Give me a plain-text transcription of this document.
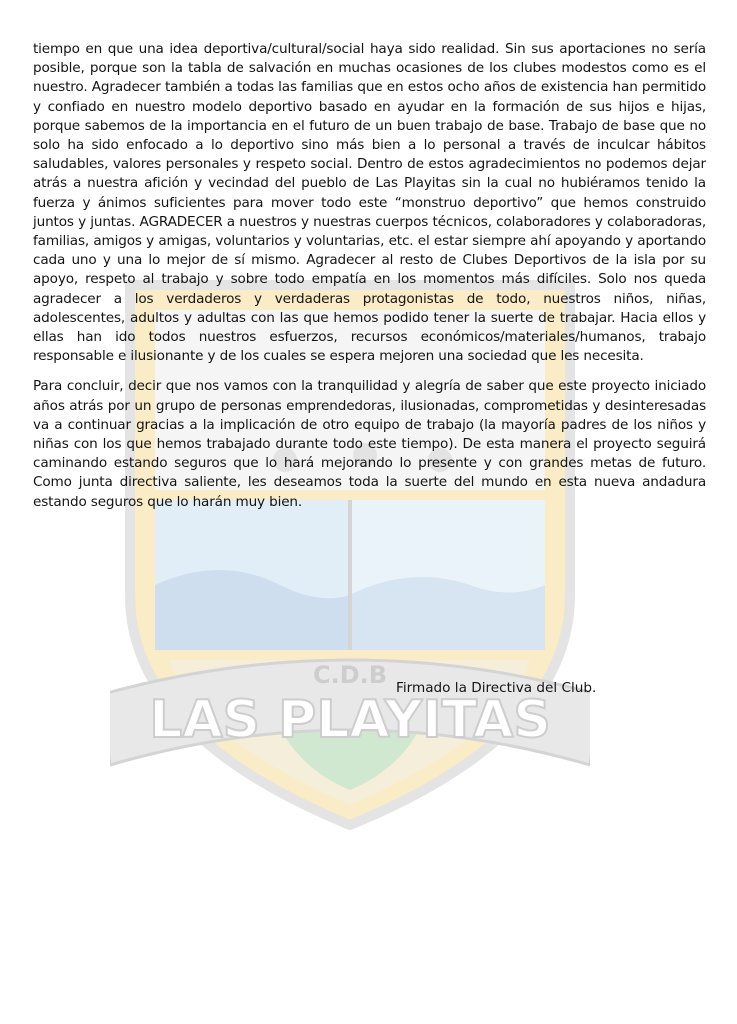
C.D.B
LAS PLAYITAS

tiempo en que una idea deportiva/cultural/social haya sido realidad. Sin sus aportaciones no sería posible, porque son la tabla de salvación en muchas ocasiones de los clubes modestos como es el nuestro. Agradecer también a todas las familias que en estos ocho años de existencia han permitido y confiado en nuestro modelo deportivo basado en ayudar en la formación de sus hijos e hijas, porque sabemos de la importancia en el futuro de un buen trabajo de base. Trabajo de base que no solo ha sido enfocado a lo deportivo sino más bien a lo personal a través de inculcar hábitos saludables, valores personales y respeto social. Dentro de estos agradecimientos no podemos dejar atrás a nuestra afición y vecindad del pueblo de Las Playitas sin la cual no hubiéramos tenido la fuerza y ánimos suficientes para mover todo este “monstruo deportivo” que hemos construido juntos y juntas. AGRADECER a nuestros y nuestras cuerpos técnicos, colaboradores y colaboradoras, familias, amigos y amigas, voluntarios y voluntarias, etc. el estar siempre ahí apoyando y aportando cada uno y una lo mejor de sí mismo. Agradecer al resto de Clubes Deportivos de la isla por su apoyo, respeto al trabajo y sobre todo empatía en los momentos más difíciles. Solo nos queda agradecer a los verdaderos y verdaderas protagonistas de todo, nuestros niños, niñas, adolescentes, adultos y adultas con las que hemos podido tener la suerte de trabajar. Hacia ellos y ellas han ido todos nuestros esfuerzos, recursos económicos/materiales/humanos, trabajo responsable e ilusionante y de los cuales se espera mejoren una sociedad que les necesita.

Para concluir, decir que nos vamos con la tranquilidad y alegría de saber que este proyecto iniciado años atrás por un grupo de personas emprendedoras, ilusionadas, comprometidas y desinteresadas va a continuar gracias a la implicación de otro equipo de trabajo (la mayoría padres de los niños y niñas con los que hemos trabajado durante todo este tiempo). De esta manera el proyecto seguirá caminando estando seguros que lo hará mejorando lo presente y con grandes metas de futuro. Como junta directiva saliente, les deseamos toda la suerte del mundo en esta nueva andadura estando seguros que lo harán muy bien.

Firmado la Directiva del Club.
